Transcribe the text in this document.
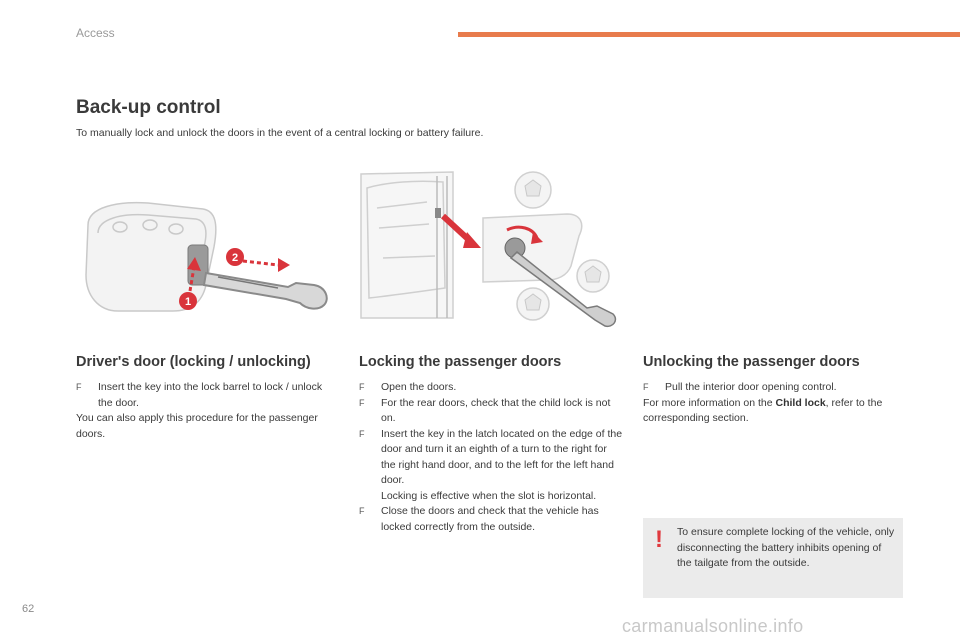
Access
Back-up control
To manually lock and unlock the doors in the event of a central locking or battery failure.
2
1
Driver's door (locking / unlocking)
F Insert the key into the lock barrel to lock / unlock the door.

You can also apply this procedure for the passenger doors.

Locking the passenger doors
F Open the doors.

F For the rear doors, check that the child lock is not on.

F Insert the key in the latch located on the edge of the door and turn it an eighth of a turn to the right for the right hand door, and to the left for the left hand door.

Locking is effective when the slot is horizontal.

F Close the doors and check that the vehicle has locked correctly from the outside.

Unlocking the passenger doors
F Pull the interior door opening control.

For more information on the Child lock, refer to the corresponding section.

! To ensure complete locking of the vehicle, only disconnecting the battery inhibits opening of the tailgate from the outside.
62
carmanualsonline.info
